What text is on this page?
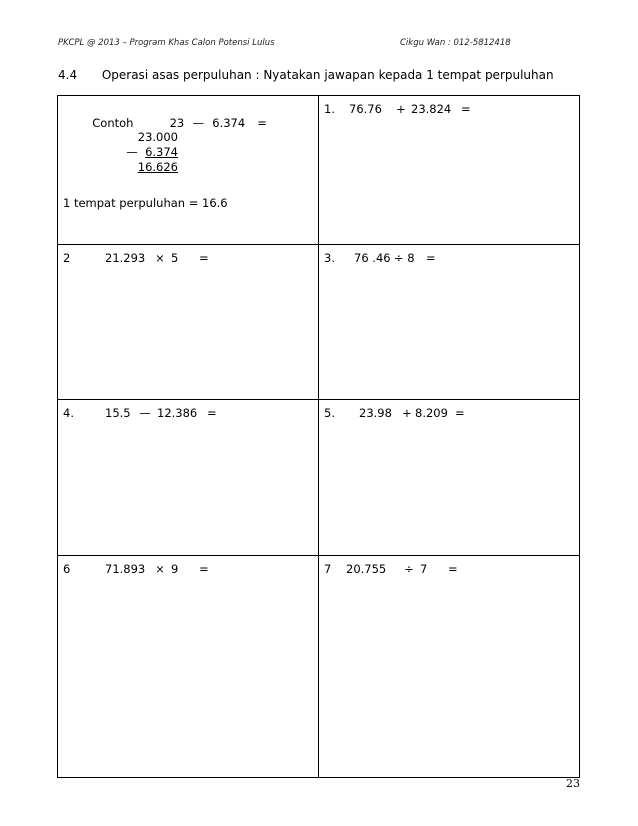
PKCPL @ 2013 – Program Khas Calon Potensi Lulus	Cikgu Wan : 012-5812418
4.4 Operasi asas perpuluhan : Nyatakan jawapan kepada 1 tempat perpuluhan

Contoh 23 — 6.374 =

23.000
— 6.374
16.626
1 tempat perpuluhan = 16.6	1. 76.76 + 23.824 =

2 21.293 × 5 =	3. 76 .46 ÷ 8 =

4. 15.5 — 12.386 =	5. 23.98 + 8.209 =

6 71.893 × 9 =	7 20.755 ÷ 7 =
23
